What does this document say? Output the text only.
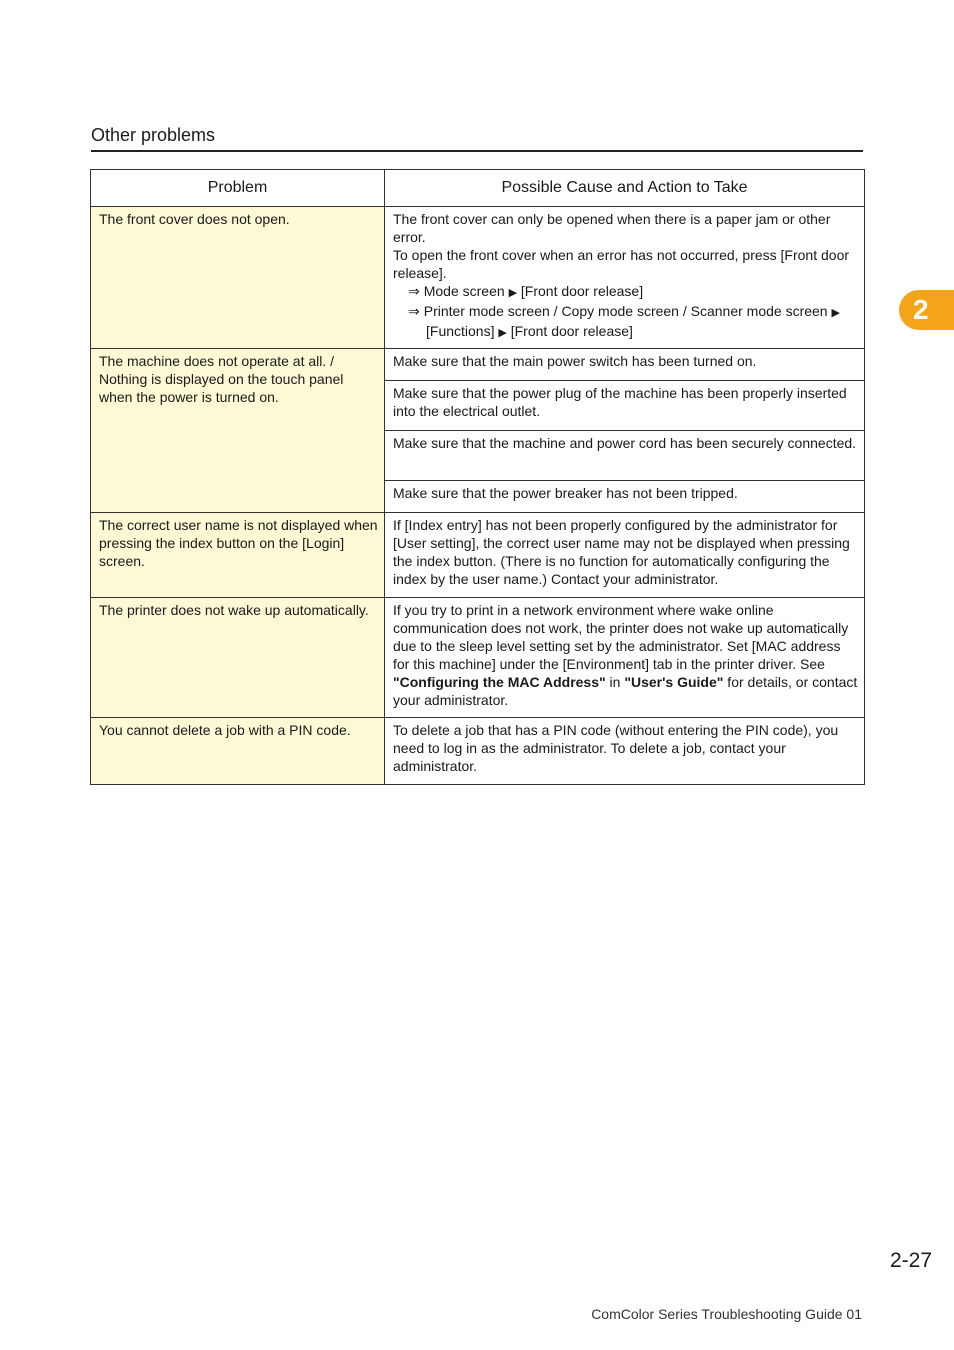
Other problems
2
Problem	Possible Cause and Action to Take
The front cover does not open.	The front cover can only be opened when there is a paper jam or other error.
To open the front cover when an error has not occurred, press [Front door release].
⇒ Mode screen ▶ [Front door release]
⇒ Printer mode screen / Copy mode screen / Scanner mode screen ▶
[Functions] ▶ [Front door release]

The machine does not operate at all. / Nothing is displayed on the touch panel when the power is turned on.	Make sure that the main power switch has been turned on.
	Make sure that the power plug of the machine has been properly inserted into the electrical outlet.
	Make sure that the machine and power cord has been securely connected.
	Make sure that the power breaker has not been tripped.
The correct user name is not displayed when pressing the index button on the [Login] screen.	If [Index entry] has not been properly configured by the administrator for [User setting], the correct user name may not be displayed when pressing the index button. (There is no function for automatically configuring the index by the user name.) Contact your administrator.
The printer does not wake up automatically.	If you try to print in a network environment where wake online communication does not work, the printer does not wake up automatically due to the sleep level setting set by the administrator. Set [MAC address for this machine] under the [Environment] tab in the printer driver. See "Configuring the MAC Address" in "User's Guide" for details, or contact your administrator.
You cannot delete a job with a PIN code.	To delete a job that has a PIN code (without entering the PIN code), you need to log in as the administrator. To delete a job, contact your administrator.
2-27
ComColor Series Troubleshooting Guide 01
